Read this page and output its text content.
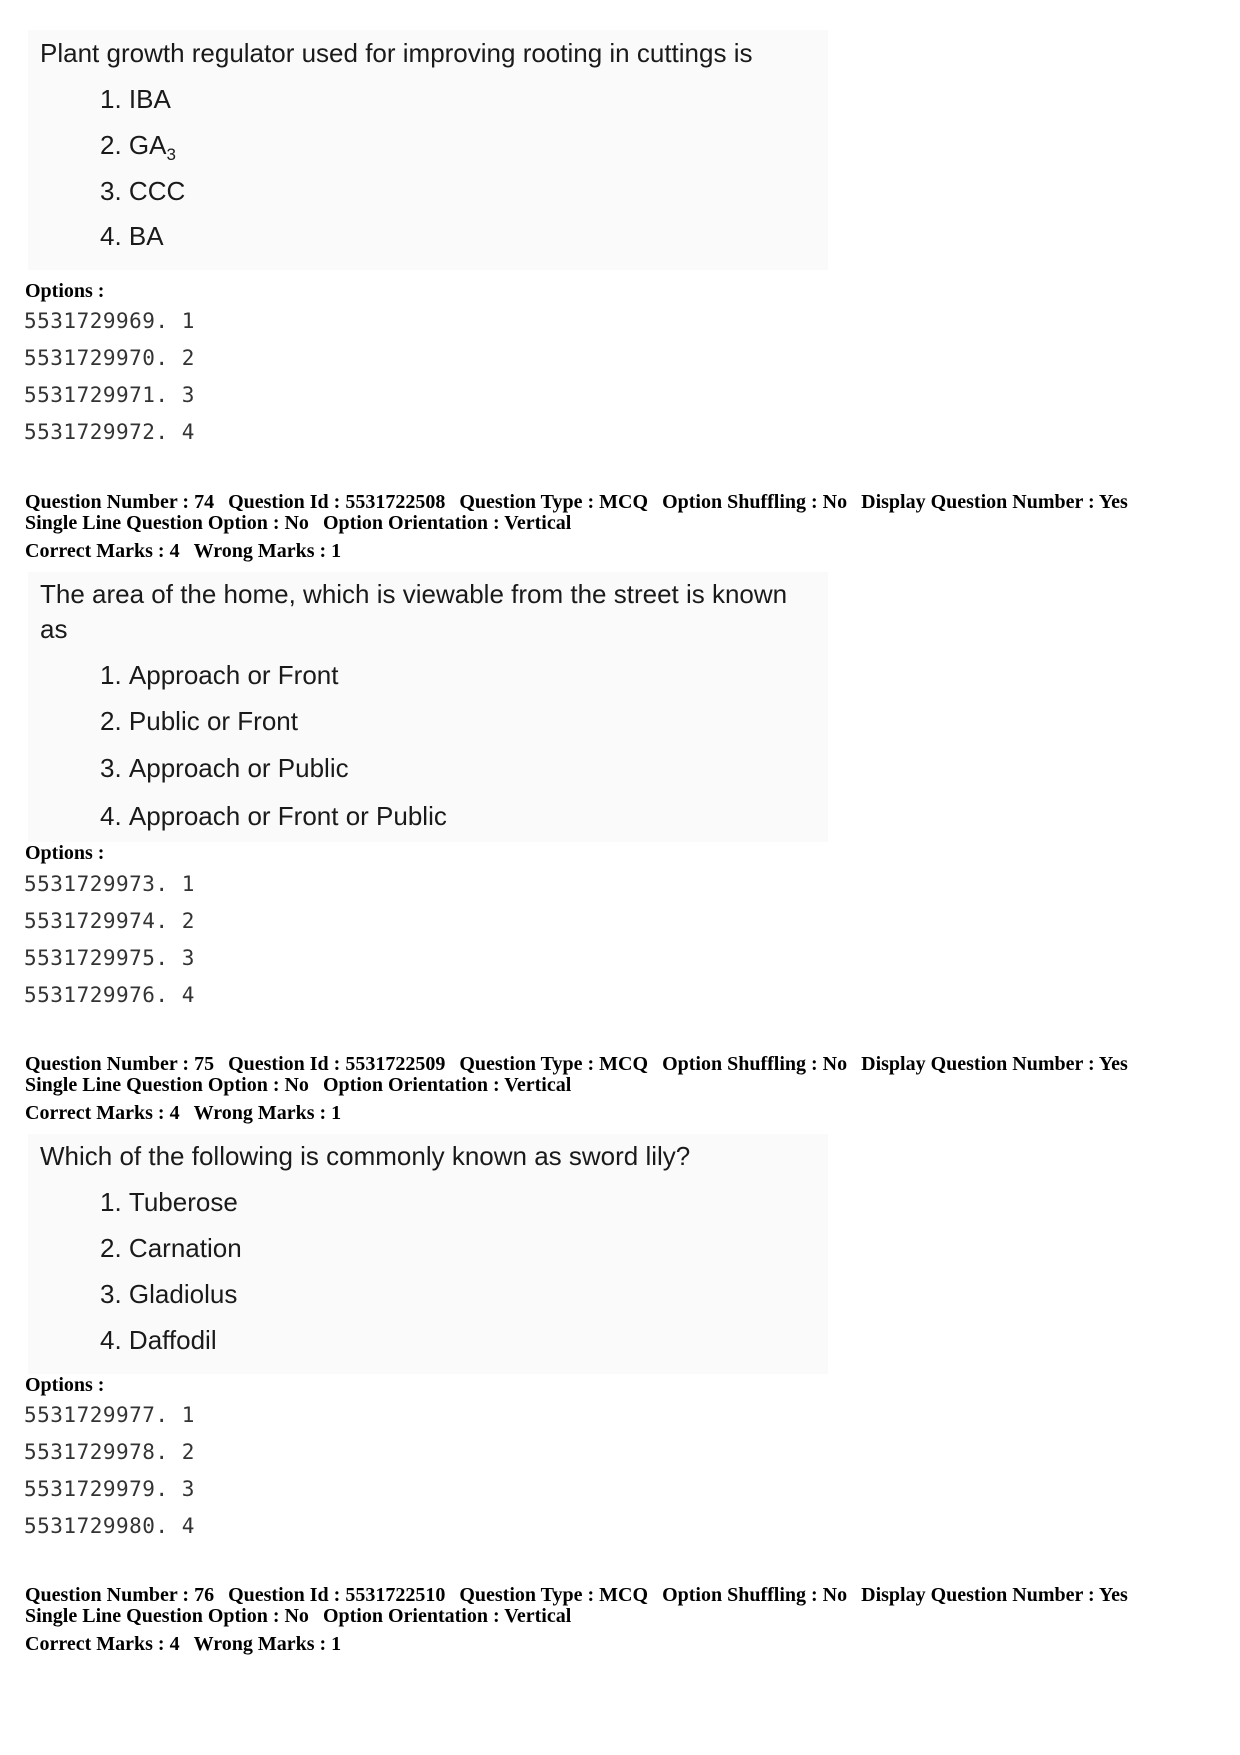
Plant growth regulator used for improving rooting in cuttings is

1. IBA
2. $GA_3$
3. CCC
4. BA
Options :
5531729969. 1
5531729970. 2
5531729971. 3
5531729972. 4
Question Number : 74 Question Id : 5531722508 Question Type : MCQ Option Shuffling : No Display Question Number : Yes
Single Line Question Option : No Option Orientation : Vertical
Correct Marks : 4 Wrong Marks : 1

The area of the home, which is viewable from the street is known

as

1. Approach or Front
2. Public or Front
3. Approach or Public
4. Approach or Front or Public
Options :
5531729973. 1
5531729974. 2
5531729975. 3
5531729976. 4
Question Number : 75 Question Id : 5531722509 Question Type : MCQ Option Shuffling : No Display Question Number : Yes
Single Line Question Option : No Option Orientation : Vertical
Correct Marks : 4 Wrong Marks : 1

Which of the following is commonly known as sword lily?

1. Tuberose
2. Carnation
3. Gladiolus
4. Daffodil
Options :
5531729977. 1
5531729978. 2
5531729979. 3
5531729980. 4
Question Number : 76 Question Id : 5531722510 Question Type : MCQ Option Shuffling : No Display Question Number : Yes
Single Line Question Option : No Option Orientation : Vertical
Correct Marks : 4 Wrong Marks : 1
